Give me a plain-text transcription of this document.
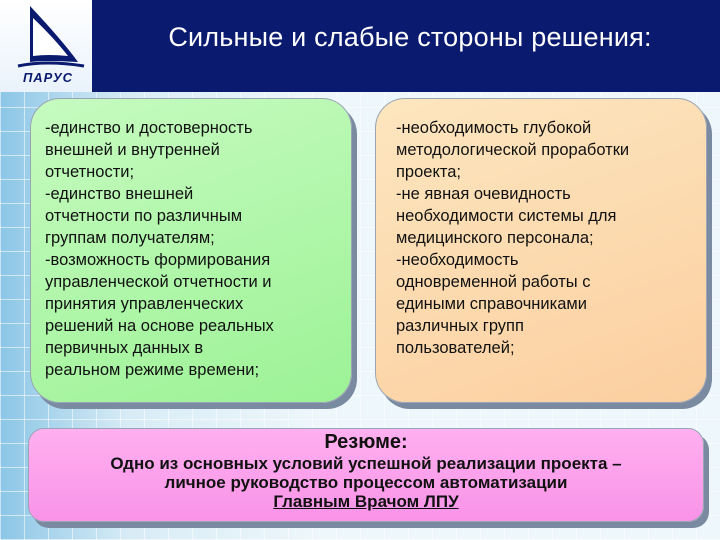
ПАРУС
Сильные и слабые стороны решения:

-единство и достоверность

внешней и внутренней

отчетности;

-единство внешней

отчетности по различным

группам получателям;

-возможность формирования

управленческой отчетности и

принятия управленческих

решений на основе реальных

первичных данных в

реальном режиме времени;

-необходимость глубокой

методологической проработки

проекта;

-не явная очевидность

необходимости системы для

медицинского персонала;

-необходимость

одновременной работы с

едиными справочниками

различных групп

пользователей;

Резюме:
Одно из основных условий успешной реализации проекта –
личное руководство процессом автоматизации
Главным Врачом ЛПУ
